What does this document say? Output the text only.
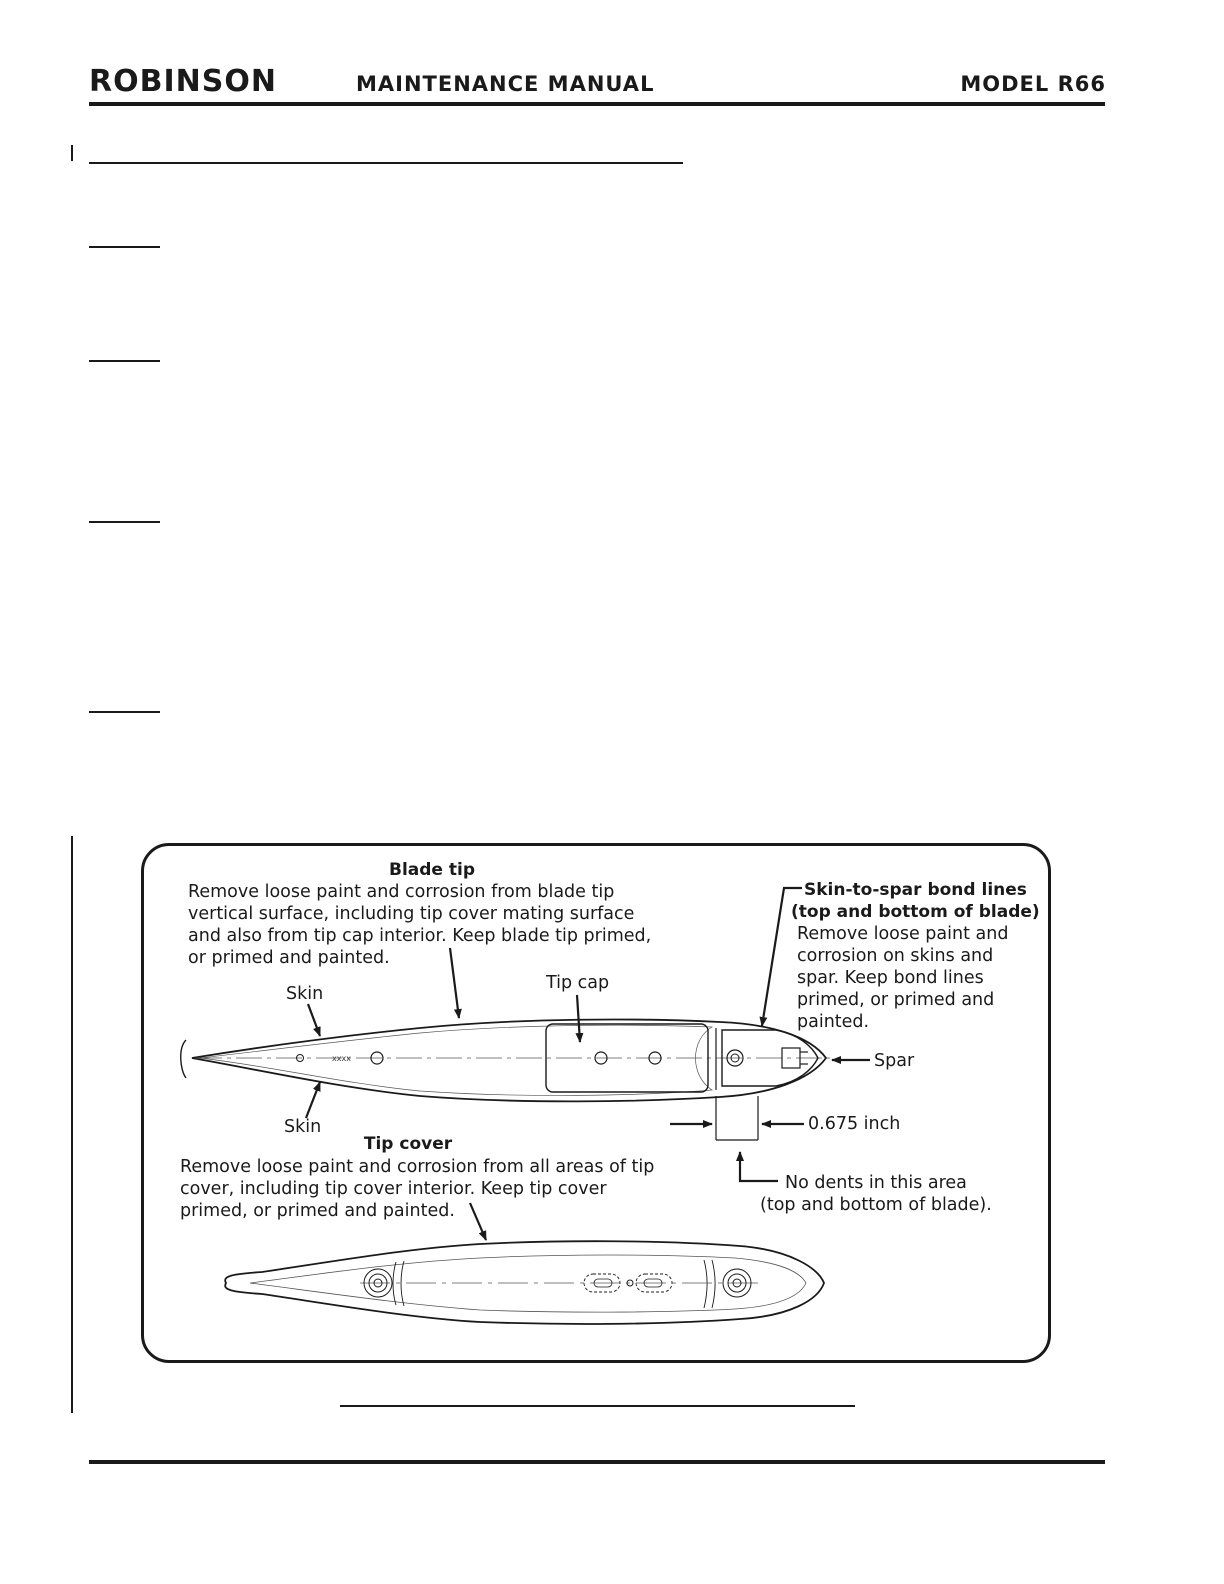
ROBINSON	MAINTENANCE MANUAL	MODEL R66
Blade tip
Remove loose paint and corrosion from blade tip
vertical surface, including tip cover mating surface
and also from tip cap interior. Keep blade tip primed,
or primed and painted.
Skin-to-spar bond lines
(top and bottom of blade)
Remove loose paint and
corrosion on skins and
spar. Keep bond lines
primed, or primed and
painted.
Skin
Tip cap
Spar
Skin	0.675 inch
xxxx
No dents in this area
(top and bottom of blade).
Tip cover
Remove loose paint and corrosion from all areas of tip
cover, including tip cover interior. Keep tip cover
primed, or primed and painted.
